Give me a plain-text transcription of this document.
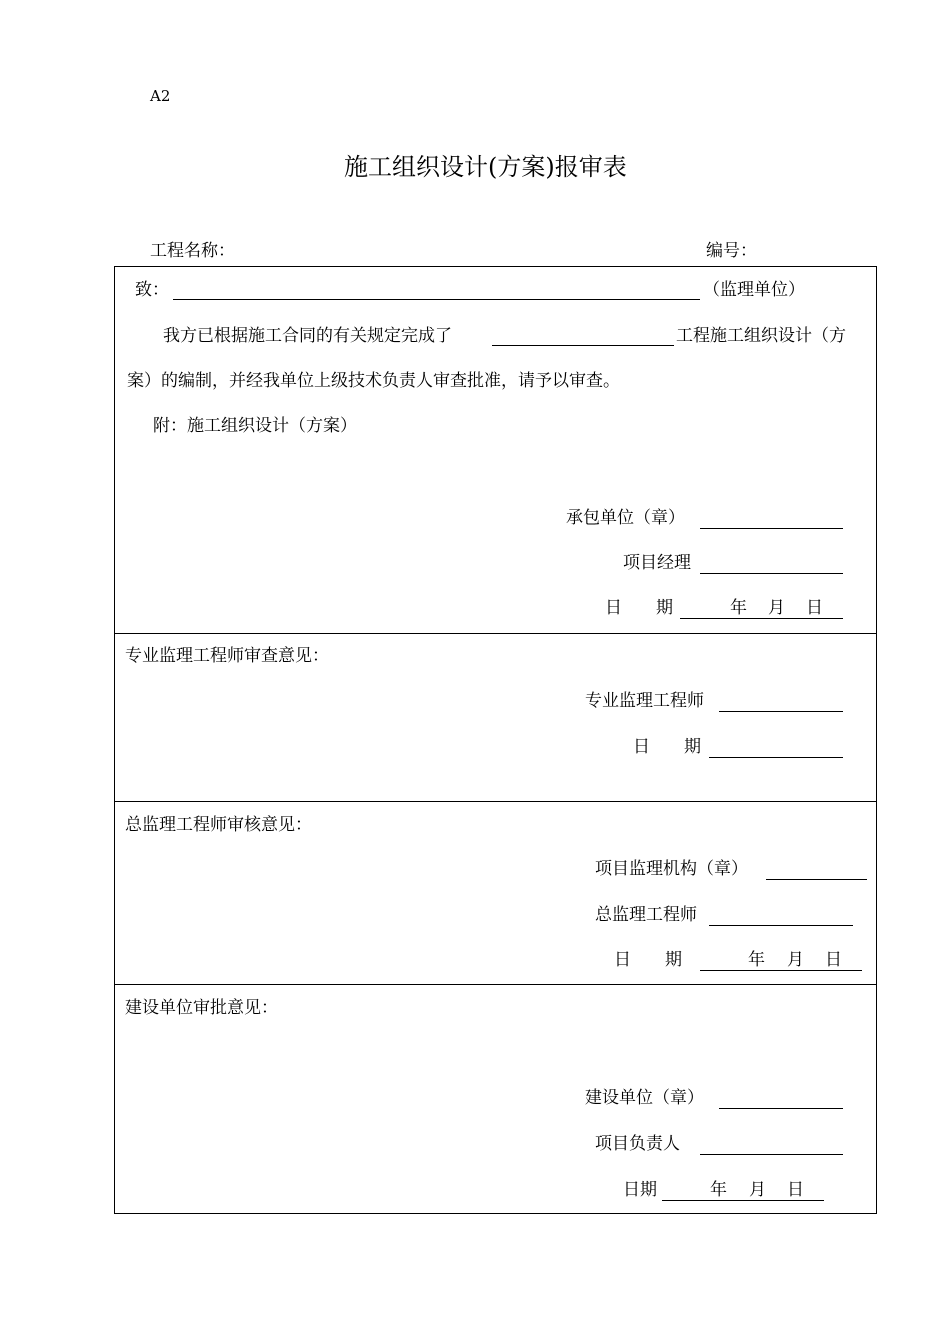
A2
施工组织设计(方案)报审表
工程名称：	编号：
致：	（监理单位）
我方已根据施工合同的有关规定完成了	工程施工组织设计（方
案）的编制，并经我单位上级技术负责人审查批准，请予以审查。
附：施工组织设计（方案）
承包单位（章）
项目经理
日　　期	年 月 日
专业监理工程师审查意见：
专业监理工程师
日　　期
总监理工程师审核意见：
项目监理机构（章）
总监理工程师
日　　期	年 月 日
建设单位审批意见：
建设单位（章）
项目负责人
日期	年 月 日
